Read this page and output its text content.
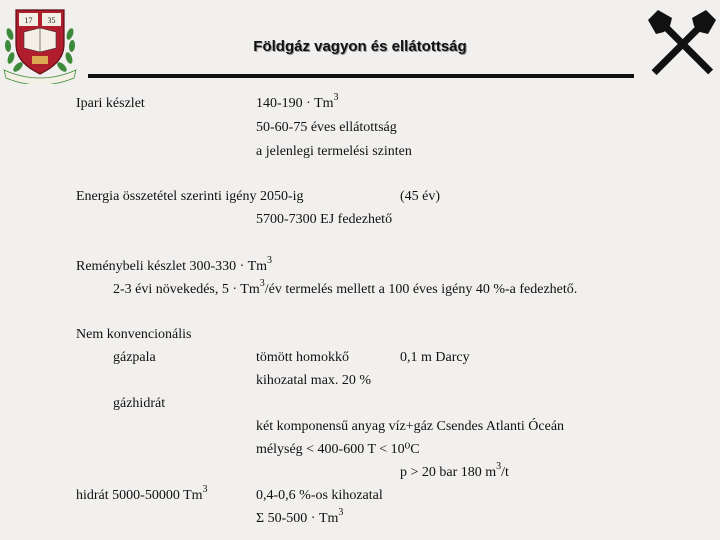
17 35
Földgáz vagyon és ellátottság
Ipari készlet	$140-190 \cdot Tm^3$
50-60-75 éves ellátottság
a jelenlegi termelési szinten
Energia összetétel szerinti igény 2050-ig	(45 év)
5700-7300 EJ fedezhető
Reménybeli készlet $300-330 \cdot Tm^3$
2-3 évi növekedés, $5 \cdot Tm^3/év$ termelés mellett a 100 éves igény 40 %-a fedezhető.
Nem konvencionális
gázpala	tömött homokkő	0,1 m Darcy
kihozatal max. 20 %
gázhidrát
két komponensű anyag víz+gáz Csendes Atlanti Óceán
mélység < 400-600 T < 10⁰C
p > 20 bar 180 $m^3/t$
hidrát 5000-50000 Tm$^3$	0,4-0,6 %-os kihozatal
Σ $50-500 \cdot Tm^3$
